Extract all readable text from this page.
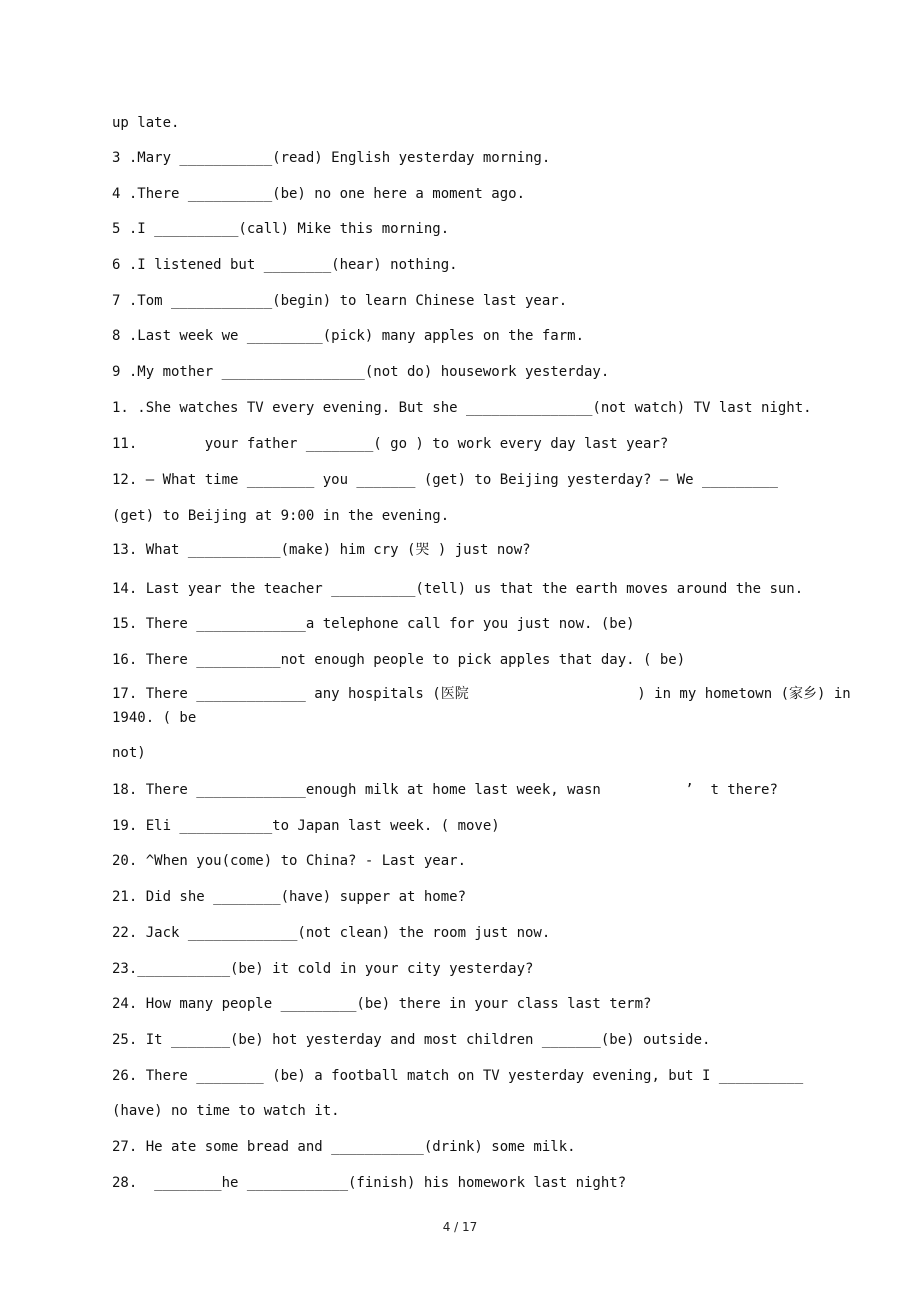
up late.
3 .Mary ___________(read) English yesterday morning.
4 .There __________(be) no one here a moment ago.
5 .I __________(call) Mike this morning.
6 .I listened but ________(hear) nothing.
7 .Tom ____________(begin) to learn Chinese last year.
8 .Last week we _________(pick) many apples on the farm.
9 .My mother _________________(not do) housework yesterday.
1. .She watches TV every evening. But she _______________(not watch) TV last night.
11.        your father ________( go ) to work every day last year?
12. — What time ________ you _______ (get) to Beijing yesterday? — We _________
(get) to Beijing at 9:00 in the evening.
13. What ___________(make) him cry (哭 ) just now?
14. Last year the teacher __________(tell) us that the earth moves around the sun.
15. There _____________a telephone call for you just now. (be)
16. There __________not enough people to pick apples that day. ( be)
17. There _____________ any hospitals (医院                    ) in my hometown (家乡) in
1940. ( be
not)
18. There _____________enough milk at home last week, wasn          ’  t there?
19. Eli ___________to Japan last week. ( move)
20. ^When you(come) to China? - Last year.
21. Did she ________(have) supper at home?
22. Jack _____________(not clean) the room just now.
23.___________(be) it cold in your city yesterday?
24. How many people _________(be) there in your class last term?
25. It _______(be) hot yesterday and most children _______(be) outside.
26. There ________ (be) a football match on TV yesterday evening, but I __________
(have) no time to watch it.
27. He ate some bread and ___________(drink) some milk.
28.  ________he ____________(finish) his homework last night?
4 / 17
